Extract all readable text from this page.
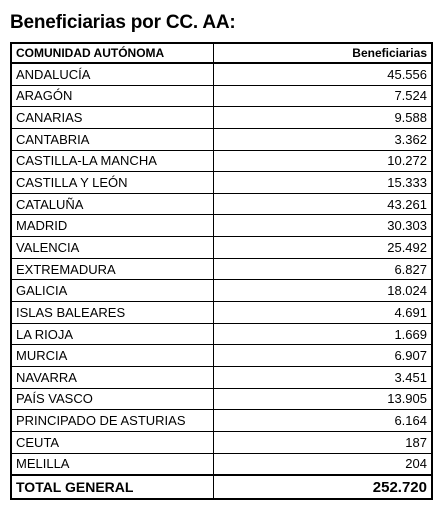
Beneficiarias por CC. AA:
COMUNIDAD AUTÓNOMA	Beneficiarias
ANDALUCÍA	45.556
ARAGÓN	7.524
CANARIAS	9.588
CANTABRIA	3.362
CASTILLA-LA MANCHA	10.272
CASTILLA Y LEÓN	15.333
CATALUÑA	43.261
MADRID	30.303
VALENCIA	25.492
EXTREMADURA	6.827
GALICIA	18.024
ISLAS BALEARES	4.691
LA RIOJA	1.669
MURCIA	6.907
NAVARRA	3.451
PAÍS VASCO	13.905
PRINCIPADO DE ASTURIAS	6.164
CEUTA	187
MELILLA	204
TOTAL GENERAL	252.720
